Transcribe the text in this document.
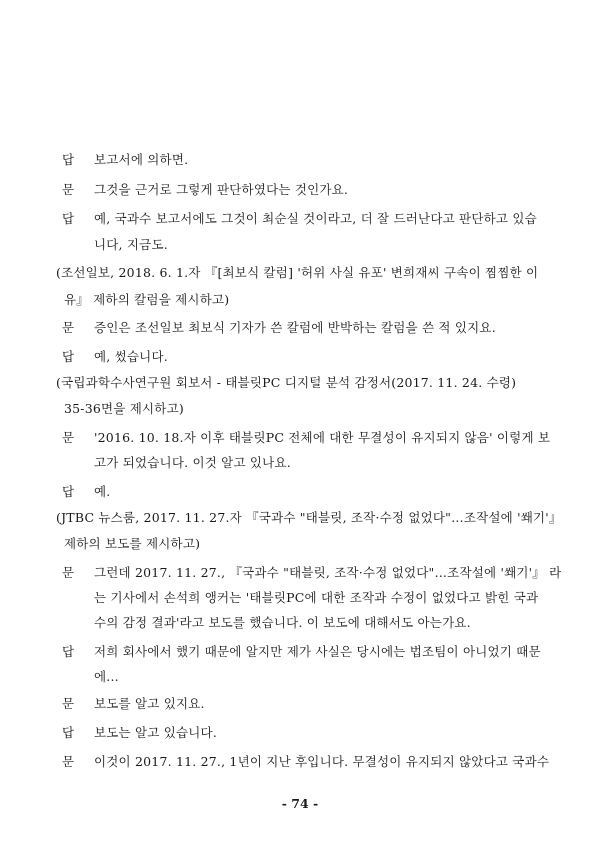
답 보고서에 의하면.
문 그것을 근거로 그렇게 판단하였다는 것인가요.
답 예, 국과수 보고서에도 그것이 최순실 것이라고, 더 잘 드러난다고 판단하고 있습
니다, 지금도.
(조선일보, 2018. 6. 1.자 『[최보식 칼럼] '허위 사실 유포' 변희재씨 구속이 찜찜한 이
유』 제하의 칼럼을 제시하고)
문 증인은 조선일보 최보식 기자가 쓴 칼럼에 반박하는 칼럼을 쓴 적 있지요.
답 예, 썼습니다.
(국립과학수사연구원 회보서 - 태블릿PC 디지털 분석 감정서(2017. 11. 24. 수령)
35-36면을 제시하고)
문 '2016. 10. 18.자 이후 태블릿PC 전체에 대한 무결성이 유지되지 않음' 이렇게 보
고가 되었습니다. 이것 알고 있나요.
답 예.
(JTBC 뉴스룸, 2017. 11. 27.자 『국과수 "태블릿, 조작·수정 없었다"…조작설에 '쐐기'』
제하의 보도를 제시하고)
문 그런데 2017. 11. 27., 『국과수 "태블릿, 조작·수정 없었다"…조작설에 '쐐기'』 라
는 기사에서 손석희 앵커는 '태블릿PC에 대한 조작과 수정이 없었다고 밝힌 국과
수의 감정 결과'라고 보도를 했습니다. 이 보도에 대해서도 아는가요.
답 저희 회사에서 했기 때문에 알지만 제가 사실은 당시에는 법조팀이 아니었기 때문
에...
문 보도를 알고 있지요.
답 보도는 알고 있습니다.
문 이것이 2017. 11. 27., 1년이 지난 후입니다. 무결성이 유지되지 않았다고 국과수
- 74 -
